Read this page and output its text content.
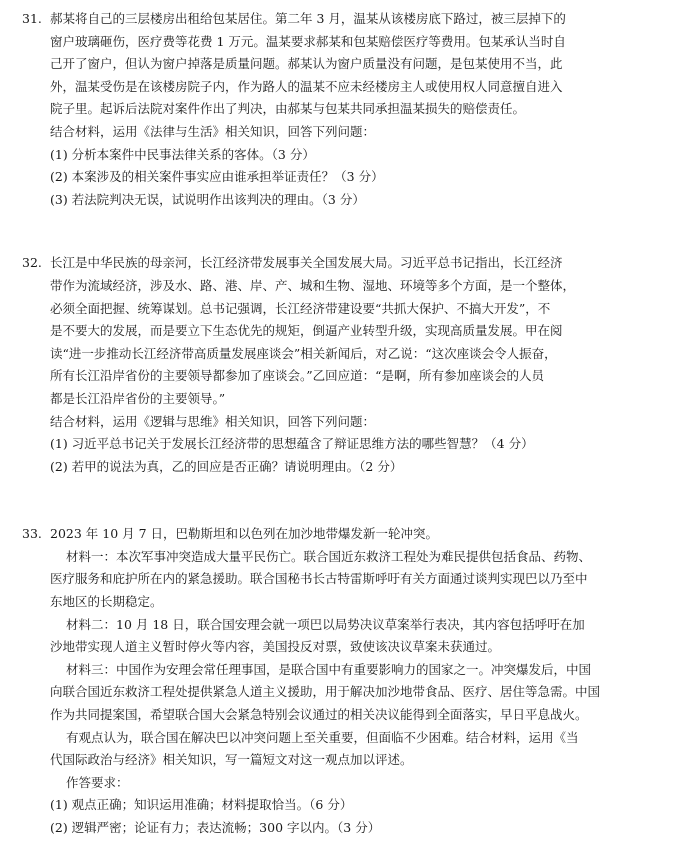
31. 郝某将自己的三层楼房出租给包某居住。第二年 3 月，温某从该楼房底下路过，被三层掉下的
窗户玻璃砸伤，医疗费等花费 1 万元。温某要求郝某和包某赔偿医疗等费用。包某承认当时自
己开了窗户，但认为窗户掉落是质量问题。郝某认为窗户质量没有问题，是包某使用不当，此
外，温某受伤是在该楼房院子内，作为路人的温某不应未经楼房主人或使用权人同意擅自进入
院子里。起诉后法院对案件作出了判决，由郝某与包某共同承担温某损失的赔偿责任。
结合材料，运用《法律与生活》相关知识，回答下列问题：
(1) 分析本案件中民事法律关系的客体。（3 分）
(2) 本案涉及的相关案件事实应由谁承担举证责任？（3 分）
(3) 若法院判决无误，试说明作出该判决的理由。（3 分）
32. 长江是中华民族的母亲河，长江经济带发展事关全国发展大局。习近平总书记指出，长江经济
带作为流域经济，涉及水、路、港、岸、产、城和生物、湿地、环境等多个方面，是一个整体，
必须全面把握、统筹谋划。总书记强调，长江经济带建设要“共抓大保护、不搞大开发”，不
是不要大的发展，而是要立下生态优先的规矩，倒逼产业转型升级，实现高质量发展。甲在阅
读“进一步推动长江经济带高质量发展座谈会”相关新闻后，对乙说：“这次座谈会令人振奋，
所有长江沿岸省份的主要领导都参加了座谈会。”乙回应道：“是啊，所有参加座谈会的人员
都是长江沿岸省份的主要领导。”
结合材料，运用《逻辑与思维》相关知识，回答下列问题：
(1) 习近平总书记关于发展长江经济带的思想蕴含了辩证思维方法的哪些智慧？（4 分）
(2) 若甲的说法为真，乙的回应是否正确？请说明理由。（2 分）
33. 2023 年 10 月 7 日，巴勒斯坦和以色列在加沙地带爆发新一轮冲突。
材料一：本次军事冲突造成大量平民伤亡。联合国近东救济工程处为难民提供包括食品、药物、
医疗服务和庇护所在内的紧急援助。联合国秘书长古特雷斯呼吁有关方面通过谈判实现巴以乃至中
东地区的长期稳定。
材料二：10 月 18 日，联合国安理会就一项巴以局势决议草案举行表决，其内容包括呼吁在加
沙地带实现人道主义暂时停火等内容，美国投反对票，致使该决议草案未获通过。
材料三：中国作为安理会常任理事国，是联合国中有重要影响力的国家之一。冲突爆发后，中国
向联合国近东救济工程处提供紧急人道主义援助，用于解决加沙地带食品、医疗、居住等急需。中国
作为共同提案国，希望联合国大会紧急特别会议通过的相关决议能得到全面落实，早日平息战火。
有观点认为，联合国在解决巴以冲突问题上至关重要，但面临不少困难。结合材料，运用《当
代国际政治与经济》相关知识，写一篇短文对这一观点加以评述。
作答要求：
(1) 观点正确；知识运用准确；材料提取恰当。（6 分）
(2) 逻辑严密；论证有力；表达流畅；300 字以内。（3 分）
